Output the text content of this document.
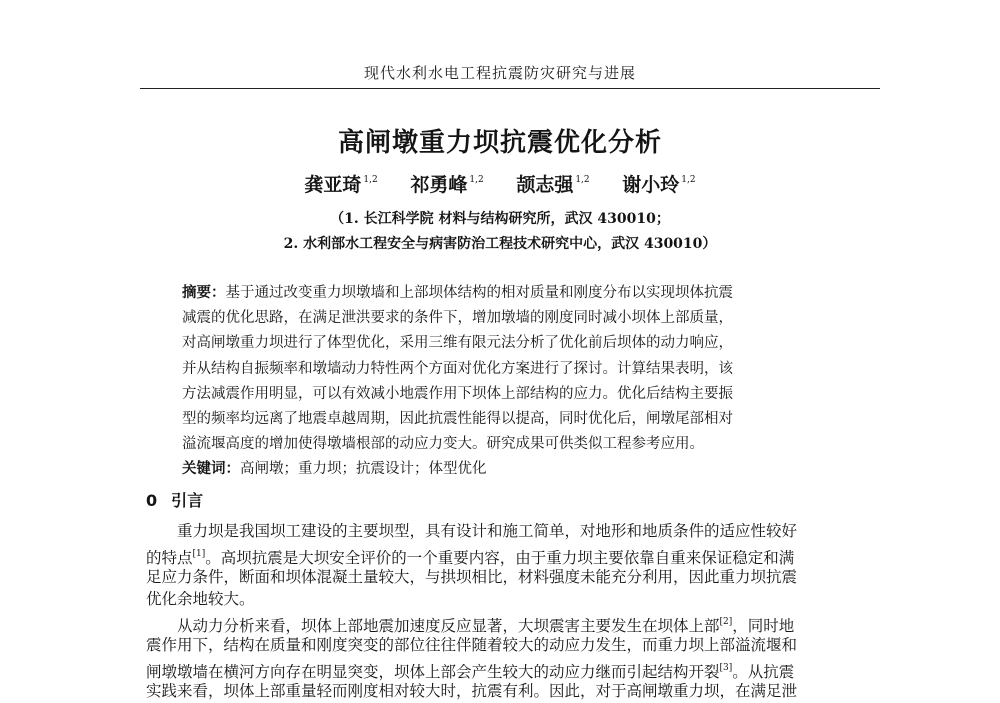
现代水利水电工程抗震防灾研究与进展
高闸墩重力坝抗震优化分析
龚亚琦 $^{1,2}$ 祁勇峰 $^{1,2}$ 颉志强 $^{1,2}$ 谢小玲 $^{1,2}$
（1. 长江科学院 材料与结构研究所，武汉 430010；
2. 水利部水工程安全与病害防治工程技术研究中心，武汉 430010）
摘要：基于通过改变重力坝墩墙和上部坝体结构的相对质量和刚度分布以实现坝体抗震
减震的优化思路，在满足泄洪要求的条件下，增加墩墙的刚度同时减小坝体上部质量，
对高闸墩重力坝进行了体型优化，采用三维有限元法分析了优化前后坝体的动力响应，
并从结构自振频率和墩墙动力特性两个方面对优化方案进行了探讨。计算结果表明，该
方法减震作用明显，可以有效减小地震作用下坝体上部结构的应力。优化后结构主要振
型的频率均远离了地震卓越周期，因此抗震性能得以提高，同时优化后，闸墩尾部相对
溢流堰高度的增加使得墩墙根部的动应力变大。研究成果可供类似工程参考应用。
关键词：高闸墩；重力坝；抗震设计；体型优化
0 引言
　　重力坝是我国坝工建设的主要坝型，具有设计和施工简单，对地形和地质条件的适应性较好
的特点[1]。高坝抗震是大坝安全评价的一个重要内容，由于重力坝主要依靠自重来保证稳定和满
足应力条件，断面和坝体混凝土量较大，与拱坝相比，材料强度未能充分利用，因此重力坝抗震
优化余地较大。
　　从动力分析来看，坝体上部地震加速度反应显著，大坝震害主要发生在坝体上部[2]，同时地
震作用下，结构在质量和刚度突变的部位往往伴随着较大的动应力发生，而重力坝上部溢流堰和
闸墩墩墙在横河方向存在明显突变，坝体上部会产生较大的动应力继而引起结构开裂[3]。从抗震
实践来看，坝体上部重量轻而刚度相对较大时，抗震有利。因此，对于高闸墩重力坝，在满足泄
